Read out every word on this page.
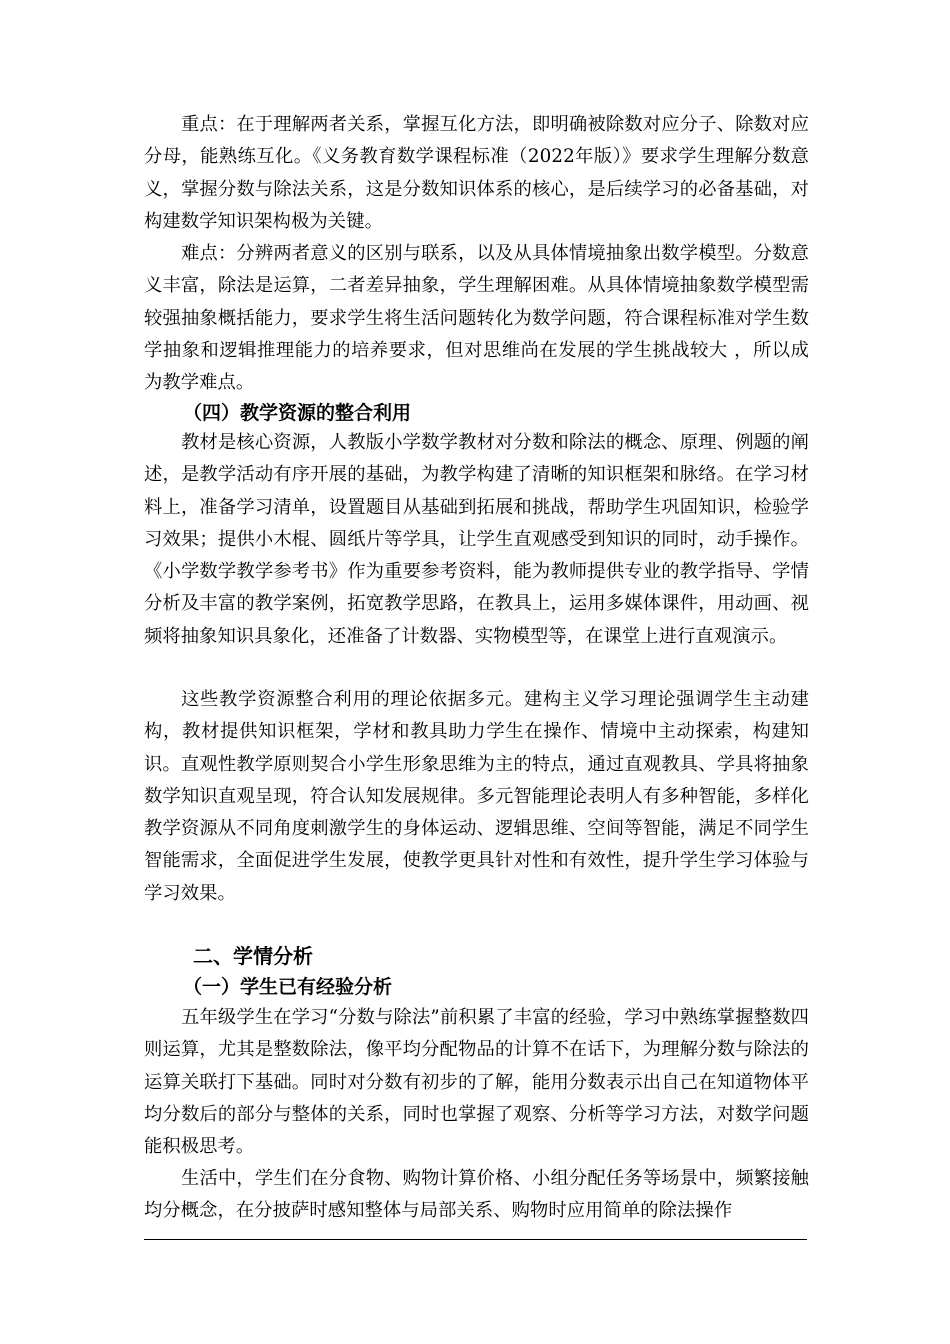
重点：在于理解两者关系，掌握互化方法，即明确被除数对应分子、除数对应分母，能熟练互化。《义务教育数学课程标准（2022年版）》要求学生理解分数意义，掌握分数与除法关系，这是分数知识体系的核心，是后续学习的必备基础，对构建数学知识架构极为关键。

难点：分辨两者意义的区别与联系，以及从具体情境抽象出数学模型。分数意义丰富，除法是运算，二者差异抽象，学生理解困难。从具体情境抽象数学模型需较强抽象概括能力，要求学生将生活问题转化为数学问题，符合课程标准对学生数学抽象和逻辑推理能力的培养要求，但对思维尚在发展的学生挑战较大 ，所以成为教学难点。

（四）教学资源的整合利用

教材是核心资源，人教版小学数学教材对分数和除法的概念、原理、例题的阐述，是教学活动有序开展的基础，为教学构建了清晰的知识框架和脉络。在学习材料上，准备学习清单，设置题目从基础到拓展和挑战，帮助学生巩固知识，检验学习效果；提供小木棍、圆纸片等学具，让学生直观感受到知识的同时，动手操作。《小学数学教学参考书》作为重要参考资料，能为教师提供专业的教学指导、学情分析及丰富的教学案例，拓宽教学思路，在教具上，运用多媒体课件，用动画、视频将抽象知识具象化，还准备了计数器、实物模型等，在课堂上进行直观演示。

这些教学资源整合利用的理论依据多元。建构主义学习理论强调学生主动建构，教材提供知识框架，学材和教具助力学生在操作、情境中主动探索，构建知识。直观性教学原则契合小学生形象思维为主的特点，通过直观教具、学具将抽象数学知识直观呈现，符合认知发展规律。多元智能理论表明人有多种智能，多样化教学资源从不同角度刺激学生的身体运动、逻辑思维、空间等智能，满足不同学生智能需求，全面促进学生发展，使教学更具针对性和有效性，提升学生学习体验与学习效果。

二、学情分析
（一）学生已有经验分析

五年级学生在学习“分数与除法”前积累了丰富的经验，学习中熟练掌握整数四则运算，尤其是整数除法，像平均分配物品的计算不在话下，为理解分数与除法的运算关联打下基础。同时对分数有初步的了解，能用分数表示出自己在知道物体平均分数后的部分与整体的关系，同时也掌握了观察、分析等学习方法，对数学问题能积极思考。

生活中，学生们在分食物、购物计算价格、小组分配任务等场景中，频繁接触均分概念，在分披萨时感知整体与局部关系、购物时应用简单的除法操作
